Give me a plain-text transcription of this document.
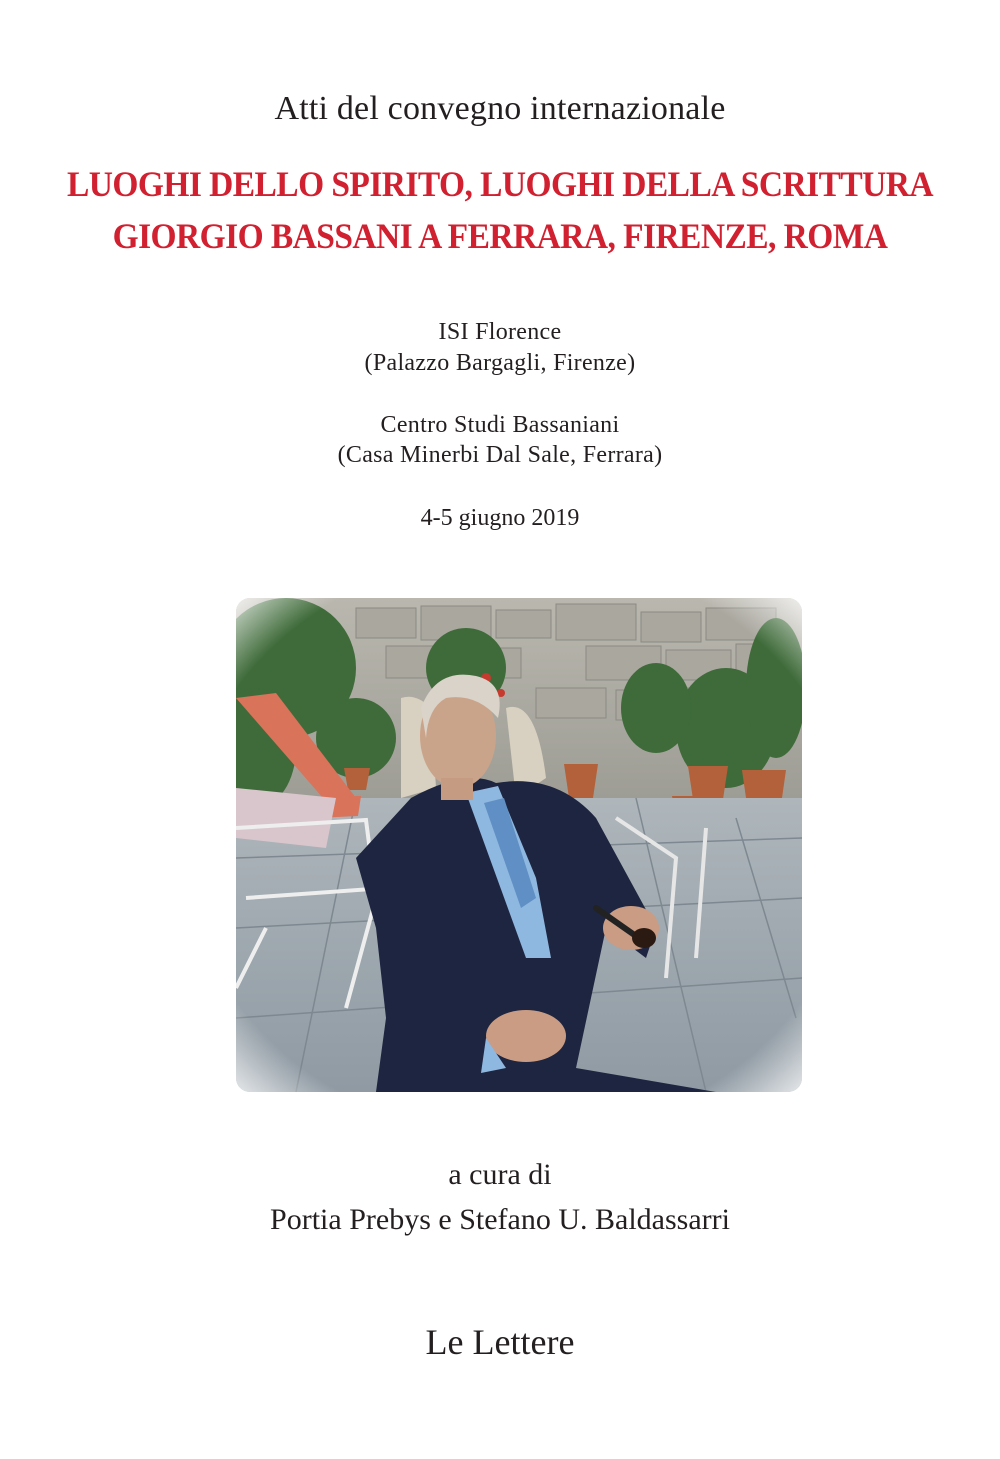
Atti del convegno internazionale
LUOGHI DELLO SPIRITO, LUOGHI DELLA SCRITTURA
GIORGIO BASSANI A FERRARA, FIRENZE, ROMA
ISI Florence
(Palazzo Bargagli, Firenze)
Centro Studi Bassaniani
(Casa Minerbi Dal Sale, Ferrara)
4-5 giugno 2019
a cura di
Portia Prebys e Stefano U. Baldassarri
Le Lettere
